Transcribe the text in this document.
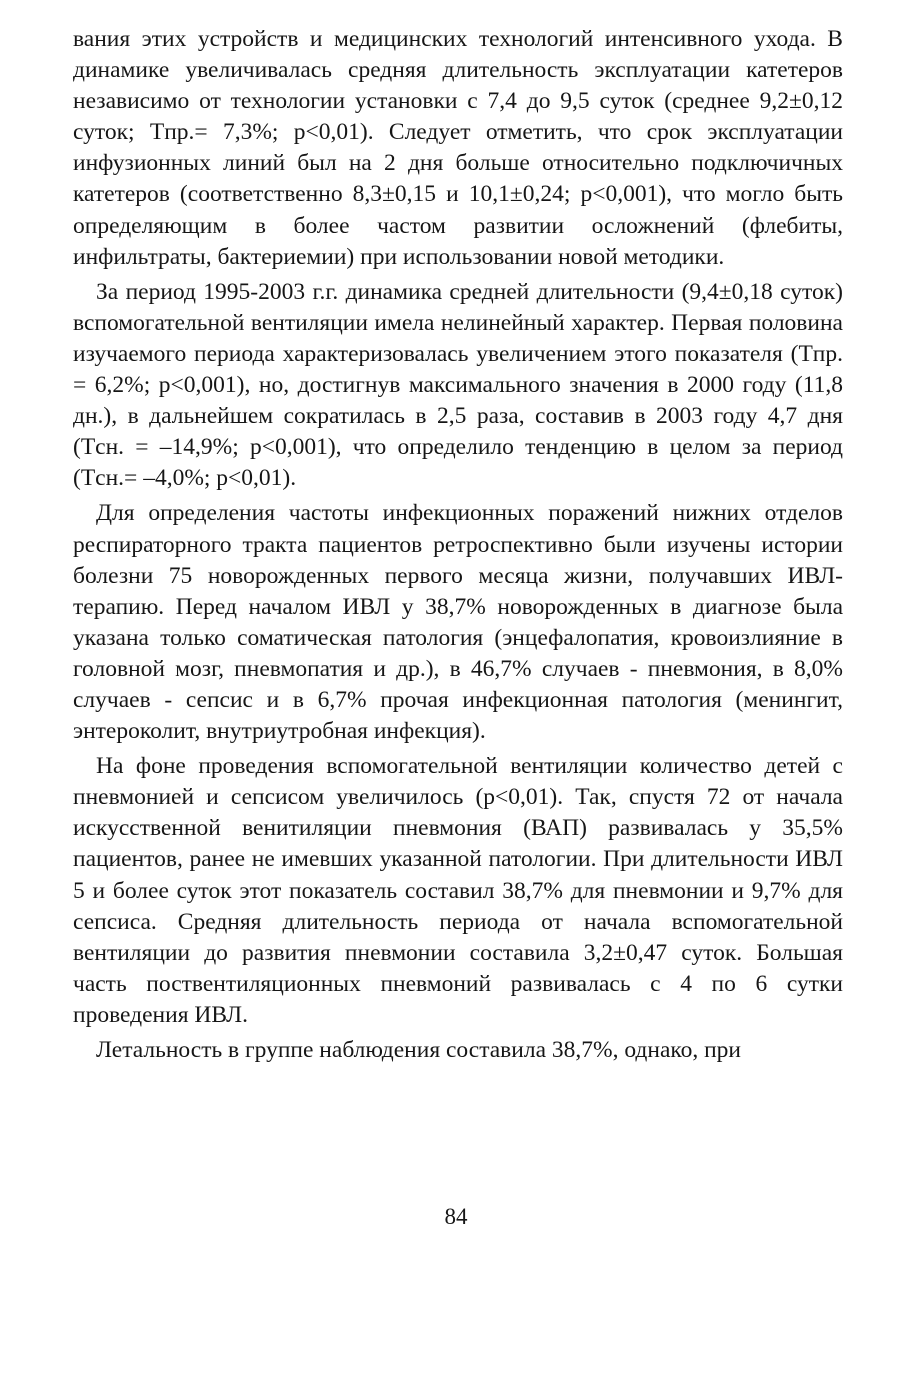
вания этих устройств и медицинских технологий интенсивного ухода. В динамике увеличивалась средняя длительность эксплуатации катетеров независимо от технологии установки с 7,4 до 9,5 суток (среднее 9,2±0,12 суток; Tпр.= 7,3%; p<0,01). Следует отметить, что срок эксплуатации инфузионных линий был на 2 дня больше относительно подключичных катетеров (соответственно 8,3±0,15 и 10,1±0,24; p<0,001), что могло быть определяющим в более частом развитии осложнений (флебиты, инфильтраты, бактериемии) при использовании новой методики.

За период 1995-2003 г.г. динамика средней длительности (9,4±0,18 суток) вспомогательной вентиляции имела нелинейный характер. Первая половина изучаемого периода характеризовалась увеличением этого показателя (Tпр. = 6,2%; p<0,001), но, достигнув максимального значения в 2000 году (11,8 дн.), в дальнейшем сократилась в 2,5 раза, составив в 2003 году 4,7 дня (Tсн. = –14,9%; p<0,001), что определило тенденцию в целом за период (Tсн.= –4,0%; p<0,01).

Для определения частоты инфекционных поражений нижних отделов респираторного тракта пациентов ретроспективно были изучены истории болезни 75 новорожденных первого месяца жизни, получавших ИВЛ-терапию. Перед началом ИВЛ у 38,7% новорожденных в диагнозе была указана только соматическая патология (энцефалопатия, кровоизлияние в головной мозг, пневмопатия и др.), в 46,7% случаев - пневмония, в 8,0% случаев - сепсис и в 6,7% прочая инфекционная патология (менингит, энтероколит, внутриутробная инфекция).

На фоне проведения вспомогательной вентиляции количество детей с пневмонией и сепсисом увеличилось (p<0,01). Так, спустя 72 от начала искусственной венитиляции пневмония (ВАП) развивалась у 35,5% пациентов, ранее не имевших указанной патологии. При длительности ИВЛ 5 и более суток этот показатель составил 38,7% для пневмонии и 9,7% для сепсиса. Средняя длительность периода от начала вспомогательной вентиляции до развития пневмонии составила 3,2±0,47 суток. Большая часть поствентиляционных пневмоний развивалась с 4 по 6 сутки проведения ИВЛ.

Летальность в группе наблюдения составила 38,7%, однако, при

84
